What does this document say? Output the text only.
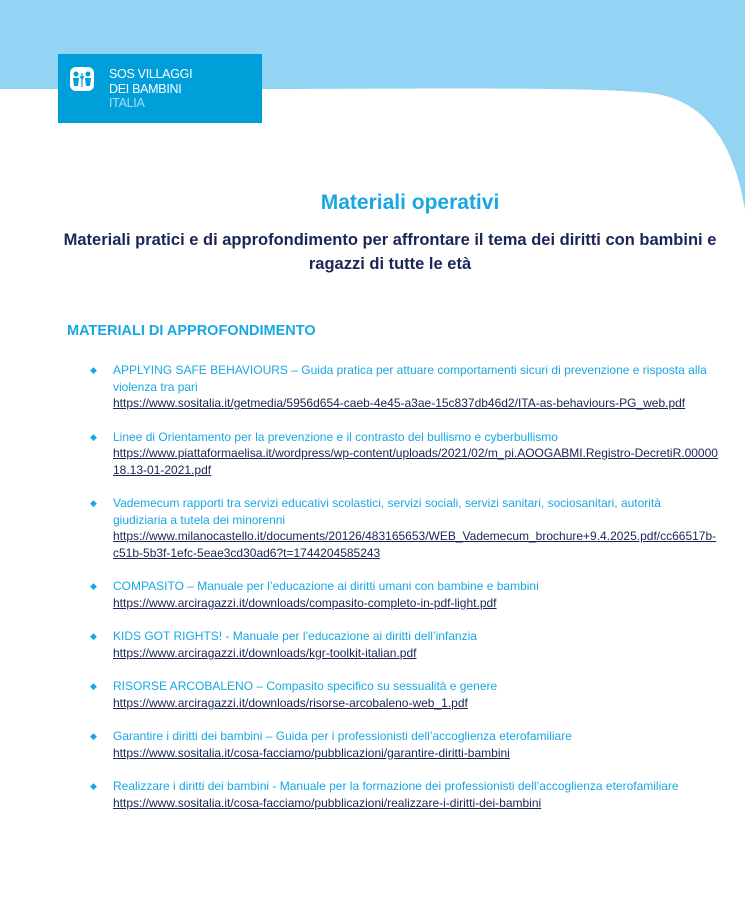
SOS VILLAGGI
DEI BAMBINI
ITALIA
Materiali operativi
Materiali pratici e di approfondimento per affrontare il tema dei diritti con bambini e ragazzi di tutte le età
MATERIALI DI APPROFONDIMENTO
◆ APPLYING SAFE BEHAVIOURS – Guida pratica per attuare comportamenti sicuri di prevenzione e risposta alla violenza tra pari
https://www.sositalia.it/getmedia/5956d654-caeb-4e45-a3ae-15c837db46d2/ITA-as-behaviours-PG_web.pdf
◆ Linee di Orientamento per la prevenzione e il contrasto del bullismo e cyberbullismo
https://www.piattaformaelisa.it/wordpress/wp-content/uploads/2021/02/m_pi.AOOGABMI.Registro-DecretiR.0000018.13-01-2021.pdf
◆ Vademecum rapporti tra servizi educativi scolastici, servizi sociali, servizi sanitari, sociosanitari, autorità giudiziaria a tutela dei minorenni
https://www.milanocastello.it/documents/20126/483165653/WEB_Vademecum_brochure+9.4.2025.pdf/cc66517b-c51b-5b3f-1efc-5eae3cd30ad6?t=1744204585243
◆ COMPASITO – Manuale per l’educazione ai diritti umani con bambine e bambini
https://www.arciragazzi.it/downloads/compasito-completo-in-pdf-light.pdf
◆ KIDS GOT RIGHTS! - Manuale per l’educazione ai diritti dell’infanzia
https://www.arciragazzi.it/downloads/kgr-toolkit-italian.pdf
◆ RISORSE ARCOBALENO – Compasito specifico su sessualità e genere
https://www.arciragazzi.it/downloads/risorse-arcobaleno-web_1.pdf
◆ Garantire i diritti dei bambini – Guida per i professionisti dell’accoglienza eterofamiliare
https://www.sositalia.it/cosa-facciamo/pubblicazioni/garantire-diritti-bambini
◆ Realizzare i diritti dei bambini - Manuale per la formazione dei professionisti dell’accoglienza eterofamiliare
https://www.sositalia.it/cosa-facciamo/pubblicazioni/realizzare-i-diritti-dei-bambini
